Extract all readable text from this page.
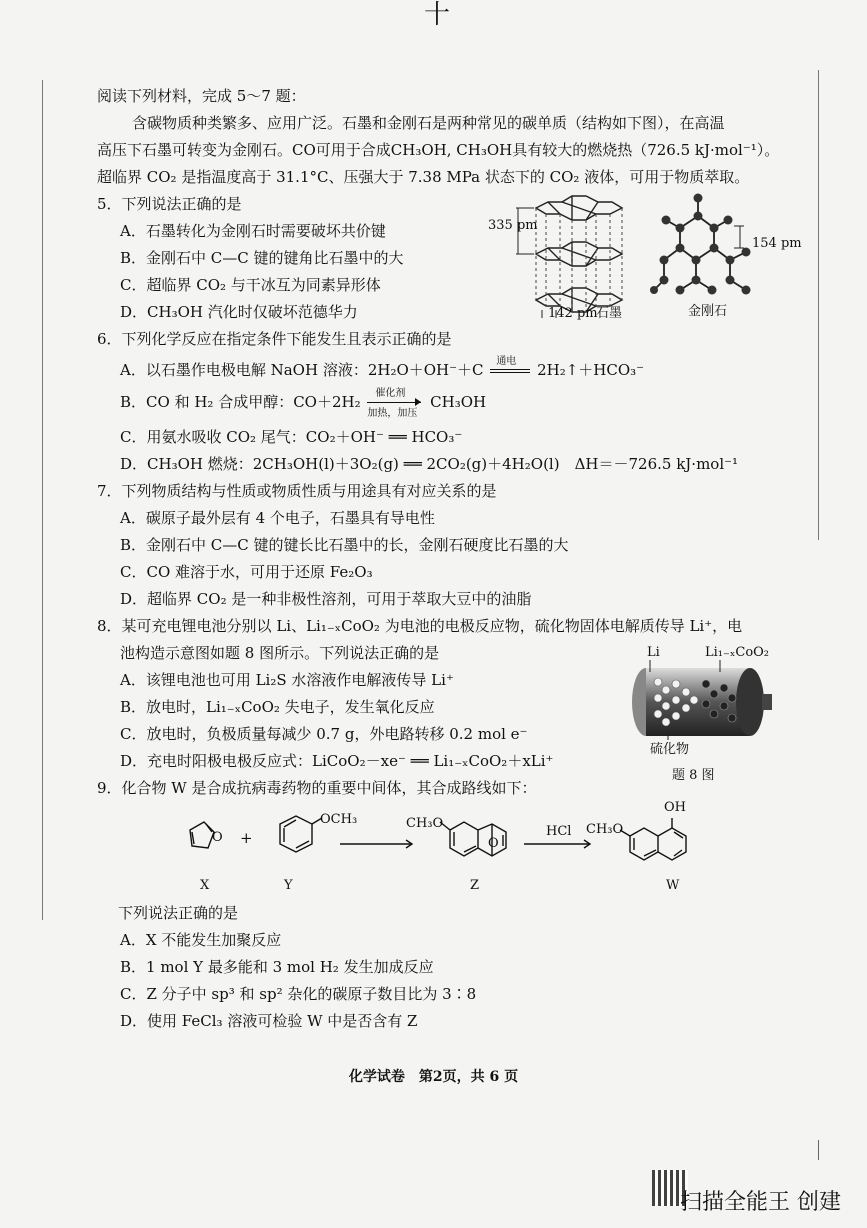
十
阅读下列材料，完成 5～7 题：
含碳物质种类繁多、应用广泛。石墨和金刚石是两种常见的碳单质（结构如下图），在高温
高压下石墨可转变为金刚石。CO可用于合成CH₃OH, CH₃OH具有较大的燃烧热（726.5 kJ·mol⁻¹）。
超临界 CO₂ 是指温度高于 31.1°C、压强大于 7.38 MPa 状态下的 CO₂ 液体，可用于物质萃取。
5．下列说法正确的是
A．石墨转化为金刚石时需要破坏共价键
B．金刚石中 C—C 键的键角比石墨中的大
C．超临界 CO₂ 与干冰互为同素异形体
D．CH₃OH 汽化时仅破坏范德华力
335 pm
142 pm
石墨
154 pm
金刚石
6．下列化学反应在指定条件下能发生且表示正确的是
A．以石墨作电极电解 NaOH 溶液：2H₂O＋OH⁻＋C 通电 2H₂↑＋HCO₃⁻
B．CO 和 H₂ 合成甲醇：CO＋2H₂ 催化剂
加热，加压
CH₃OH
C．用氨水吸收 CO₂ 尾气：CO₂＋OH⁻ ══ HCO₃⁻
D．CH₃OH 燃烧：2CH₃OH(l)＋3O₂(g) ══ 2CO₂(g)＋4H₂O(l)　ΔH＝－726.5 kJ·mol⁻¹
7．下列物质结构与性质或物质性质与用途具有对应关系的是
A．碳原子最外层有 4 个电子，石墨具有导电性
B．金刚石中 C—C 键的键长比石墨中的长，金刚石硬度比石墨的大
C．CO 难溶于水，可用于还原 Fe₂O₃
D．超临界 CO₂ 是一种非极性溶剂，可用于萃取大豆中的油脂
8．某可充电锂电池分别以 Li、Li₁₋ₓCoO₂ 为电池的电极反应物，硫化物固体电解质传导 Li⁺，电
池构造示意图如题 8 图所示。下列说法正确的是
A．该锂电池也可用 Li₂S 水溶液作电解液传导 Li⁺
B．放电时，Li₁₋ₓCoO₂ 失电子，发生氧化反应
C．放电时，负极质量每减少 0.7 g，外电路转移 0.2 mol e⁻
D．充电时阳极电极反应式：LiCoO₂－xe⁻ ══ Li₁₋ₓCoO₂＋xLi⁺
Li	Li₁₋ₓCoO₂
硫化物
题 8 图
9．化合物 W 是合成抗病毒药物的重要中间体，其合成路线如下：
O +
OCH₃	CH₃O
O
HCl CH₃O
OH
X	Y	Z	W
下列说法正确的是
A．X 不能发生加聚反应
B．1 mol Y 最多能和 3 mol H₂ 发生加成反应
C．Z 分子中 sp³ 和 sp² 杂化的碳原子数目比为 3∶8
D．使用 FeCl₃ 溶液可检验 W 中是否含有 Z
化学试卷　第2页，共 6 页
扫描全能王 创建
